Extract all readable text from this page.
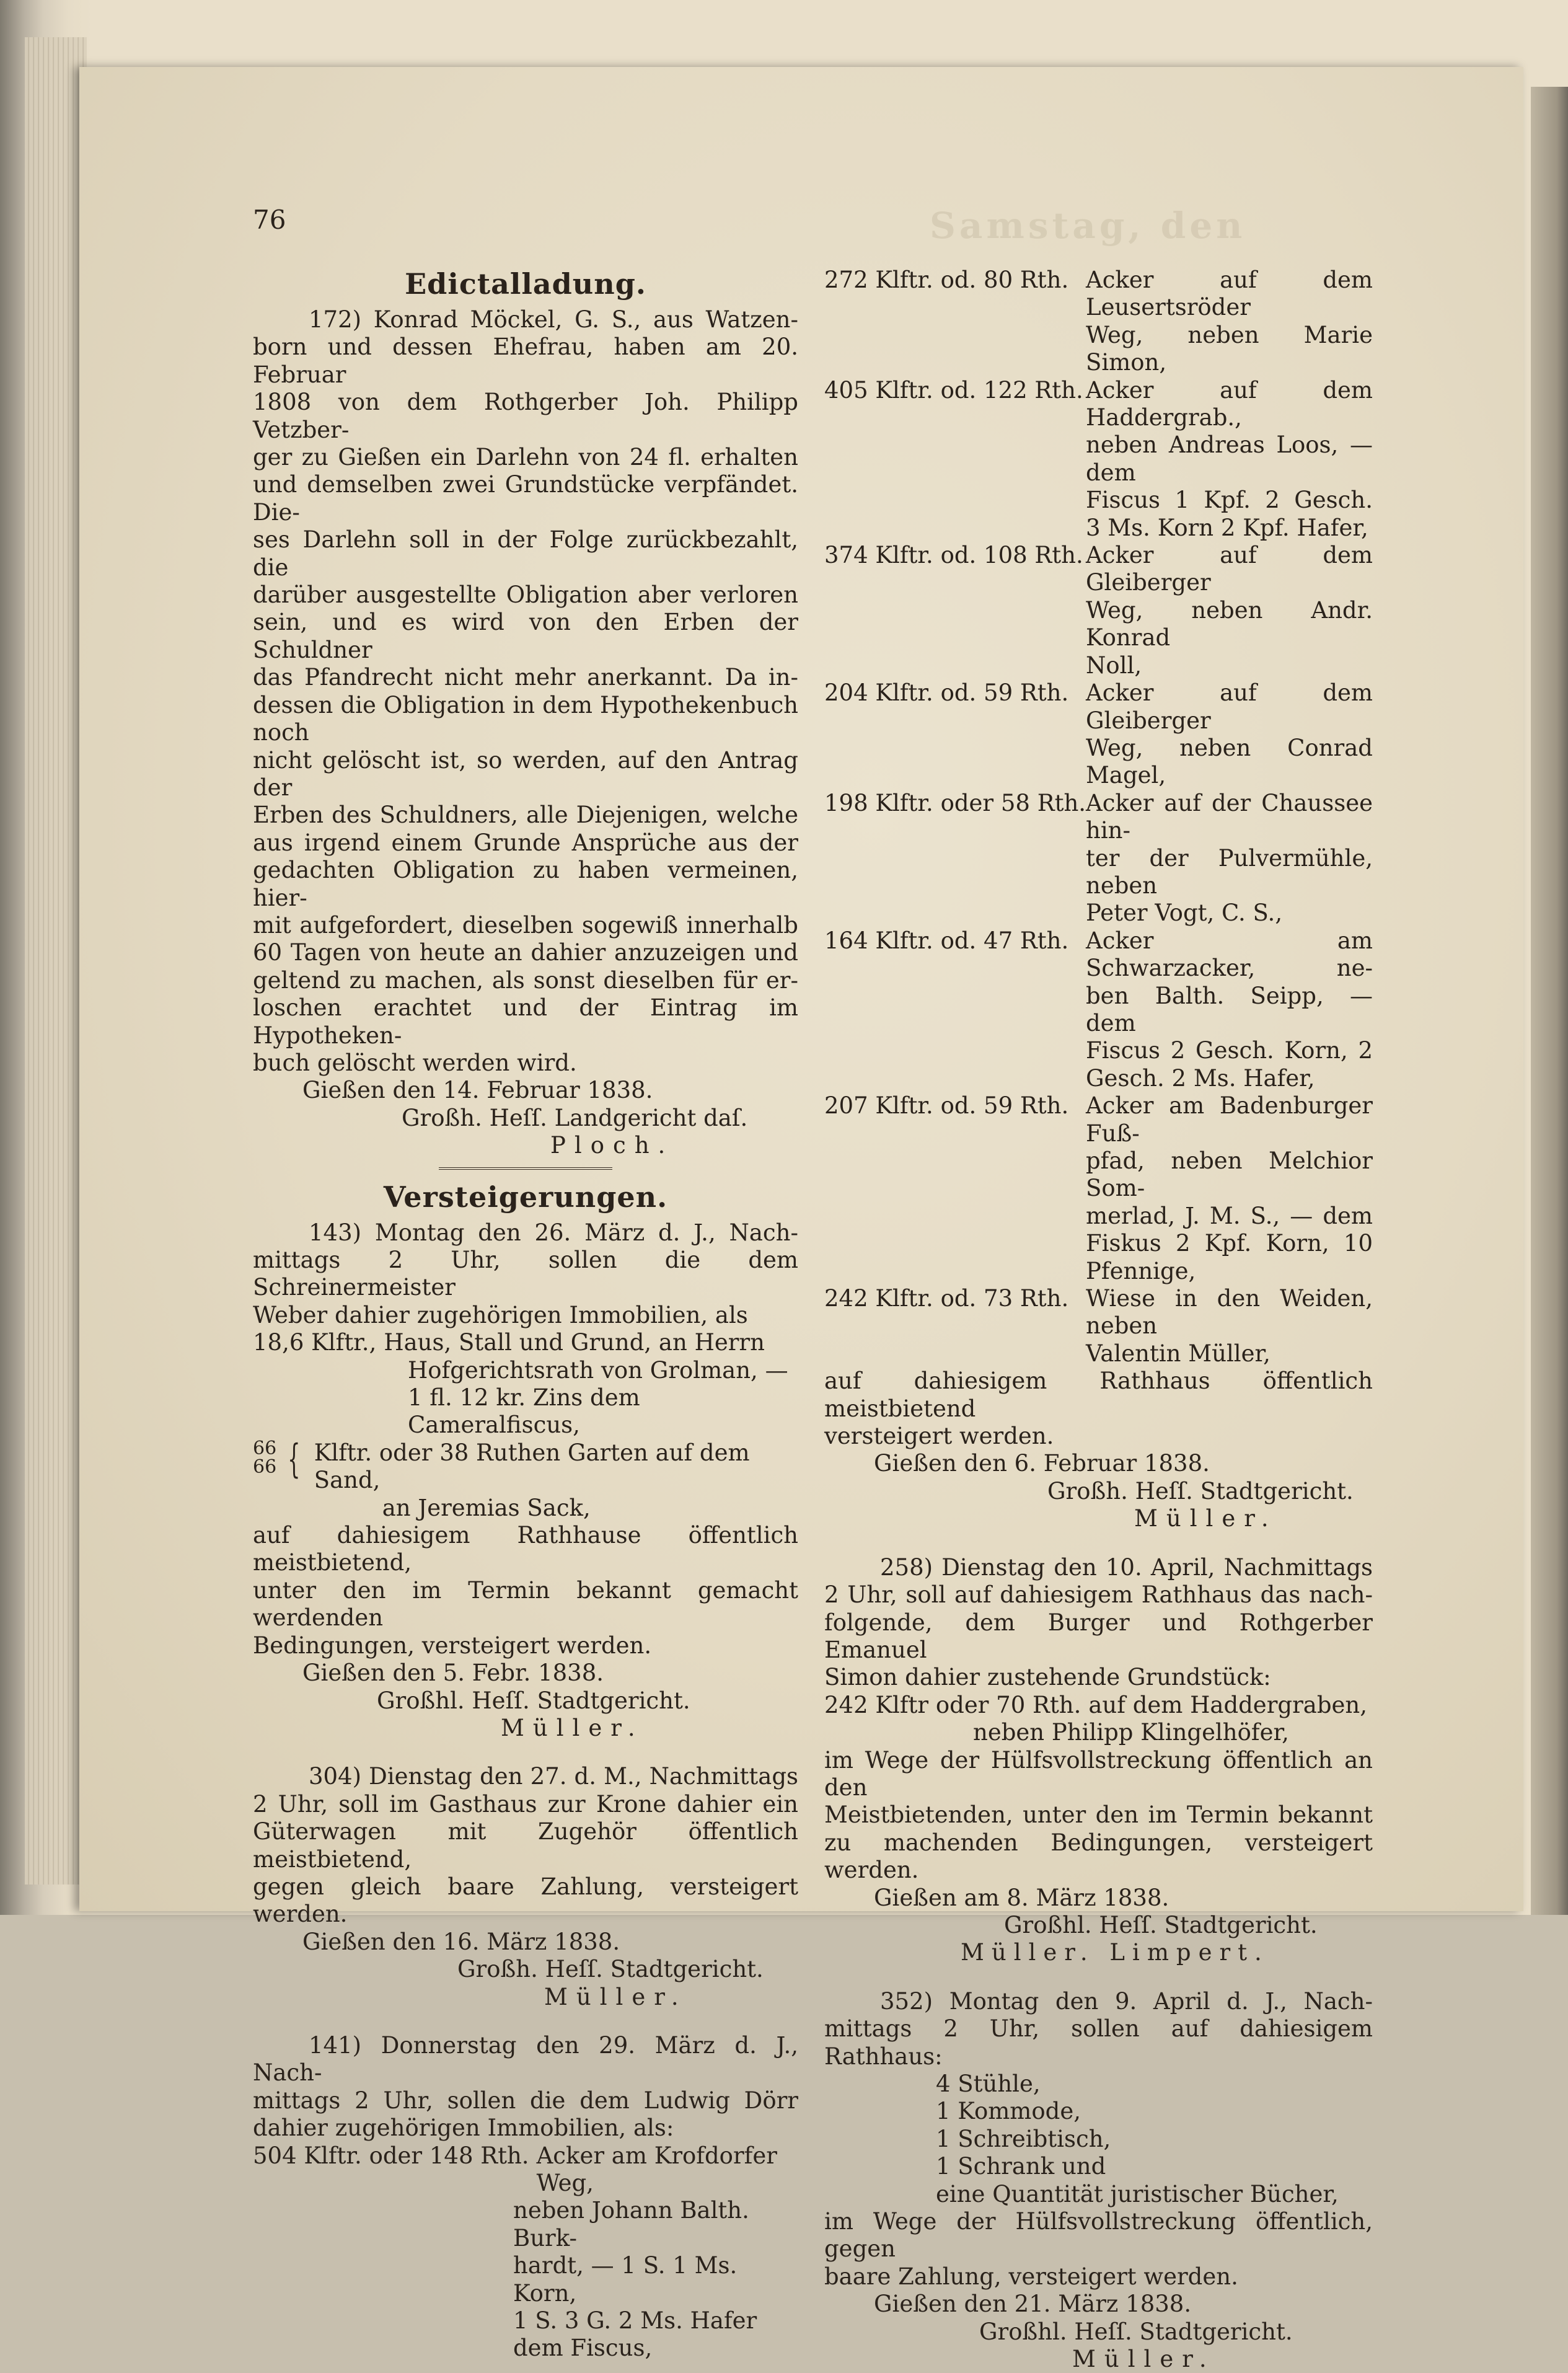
76	Samstag, den
Edictalladung.
172) Konrad Möckel, G. S., aus Watzen-
born und dessen Ehefrau, haben am 20. Februar
1808 von dem Rothgerber Joh. Philipp Vetzber-
ger zu Gießen ein Darlehn von 24 fl. erhalten
und demselben zwei Grundstücke verpfändet. Die-
ses Darlehn soll in der Folge zurückbezahlt, die
darüber ausgestellte Obligation aber verloren
sein, und es wird von den Erben der Schuldner
das Pfandrecht nicht mehr anerkannt. Da in-
dessen die Obligation in dem Hypothekenbuch noch
nicht gelöscht ist, so werden, auf den Antrag der
Erben des Schuldners, alle Diejenigen, welche
aus irgend einem Grunde Ansprüche aus der
gedachten Obligation zu haben vermeinen, hier-
mit aufgefordert, dieselben sogewiß innerhalb
60 Tagen von heute an dahier anzuzeigen und
geltend zu machen, als sonst dieselben für er-
loschen erachtet und der Eintrag im Hypotheken-
buch gelöscht werden wird.
Gießen den 14. Februar 1838.
Großh. Heſſ. Landgericht daſ.
Ploch.
Versteigerungen.
143) Montag den 26. März d. J., Nach-
mittags 2 Uhr, sollen die dem Schreinermeister
Weber dahier zugehörigen Immobilien, als
18,6 Klftr., Haus, Stall und Grund, an Herrn
Hofgerichtsrath von Grolman, —
1 fl. 12 kr. Zins dem Cameralfiscus,
66
66 { Klftr. oder 38 Ruthen Garten auf dem Sand,
an Jeremias Sack,
auf dahiesigem Rathhause öffentlich meistbietend,
unter den im Termin bekannt gemacht werdenden
Bedingungen, versteigert werden.
Gießen den 5. Febr. 1838.
Großhl. Heſſ. Stadtgericht.
Müller.
304) Dienstag den 27. d. M., Nachmittags
2 Uhr, soll im Gasthaus zur Krone dahier ein
Güterwagen mit Zugehör öffentlich meistbietend,
gegen gleich baare Zahlung, versteigert werden.
Gießen den 16. März 1838.
Großh. Heſſ. Stadtgericht.
Müller.
141) Donnerstag den 29. März d. J., Nach-
mittags 2 Uhr, sollen die dem Ludwig Dörr
dahier zugehörigen Immobilien, als:
504 Klftr. oder 148 Rth. Acker am Krofdorfer Weg,
neben Johann Balth. Burk-
hardt, — 1 S. 1 Ms. Korn,
1 S. 3 G. 2 Ms. Hafer
dem Fiscus,
272 Klftr. od. 80 Rth. Acker auf dem Leusertsröder
Weg, neben Marie Simon,
405 Klftr. od. 122 Rth. Acker auf dem Haddergrab.,
neben Andreas Loos, — dem
Fiscus 1 Kpf. 2 Gesch.
3 Ms. Korn 2 Kpf. Hafer,
374 Klftr. od. 108 Rth. Acker auf dem Gleiberger
Weg, neben Andr. Konrad
Noll,
204 Klftr. od. 59 Rth. Acker auf dem Gleiberger
Weg, neben Conrad Magel,
198 Klftr. oder 58 Rth. Acker auf der Chaussee hin-
ter der Pulvermühle, neben
Peter Vogt, C. S.,
164 Klftr. od. 47 Rth. Acker am Schwarzacker, ne-
ben Balth. Seipp, — dem
Fiscus 2 Gesch. Korn, 2
Gesch. 2 Ms. Hafer,
207 Klftr. od. 59 Rth. Acker am Badenburger Fuß-
pfad, neben Melchior Som-
merlad, J. M. S., — dem
Fiskus 2 Kpf. Korn, 10
Pfennige,
242 Klftr. od. 73 Rth. Wiese in den Weiden, neben
Valentin Müller,
auf dahiesigem Rathhaus öffentlich meistbietend
versteigert werden.
Gießen den 6. Februar 1838.
Großh. Heſſ. Stadtgericht.
Müller.
258) Dienstag den 10. April, Nachmittags
2 Uhr, soll auf dahiesigem Rathhaus das nach-
folgende, dem Burger und Rothgerber Emanuel
Simon dahier zustehende Grundstück:
242 Klftr oder 70 Rth. auf dem Haddergraben,
neben Philipp Klingelhöfer,
im Wege der Hülfsvollstreckung öffentlich an den
Meistbietenden, unter den im Termin bekannt
zu machenden Bedingungen, versteigert werden.
Gießen am 8. März 1838.
Großhl. Heſſ. Stadtgericht.
Müller. Limpert.
352) Montag den 9. April d. J., Nach-
mittags 2 Uhr, sollen auf dahiesigem Rathhaus:
4 Stühle,
1 Kommode,
1 Schreibtisch,
1 Schrank und
eine Quantität juristischer Bücher,
im Wege der Hülfsvollstreckung öffentlich, gegen
baare Zahlung, versteigert werden.
Gießen den 21. März 1838.
Großhl. Heſſ. Stadtgericht.
Müller.
